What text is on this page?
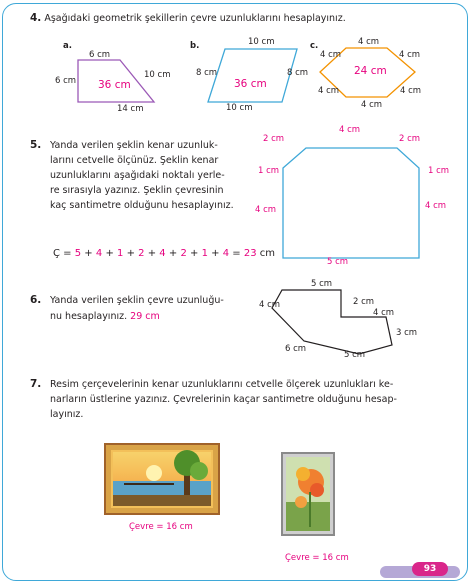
4. Aşağıdaki geometrik şekillerin çevre uzunluklarını hesaplayınız.
a.
6 cm
6 cm
10 cm
14 cm
36 cm
b.	10 cm
8 cm	8 cm
10 cm
36 cm
c.	4 cm
4 cm	4 cm
4 cm	4 cm
4 cm
24 cm
5. Yanda verilen şeklin kenar uzunluk-
larını cetvelle ölçünüz. Şeklin kenar
uzunluklarını aşağıdaki noktalı yerle-
re sırasıyla yazınız. Şeklin çevresinin
kaç santimetre olduğunu hesaplayınız.
4 cm
2 cm	2 cm
1 cm	1 cm
4 cm	4 cm
5 cm
Ç = 5 + 4 + 1 + 2 + 4 + 2 + 1 + 4 = 23 cm
6. Yanda verilen şeklin çevre uzunluğu-
nu hesaplayınız. 29 cm
5 cm
4 cm	2 cm
4 cm
3 cm
6 cm
5 cm
7. Resim çerçevelerinin kenar uzunluklarını cetvelle ölçerek uzunlukları ke-
narların üstlerine yazınız. Çevrelerinin kaçar santimetre olduğunu hesap-
layınız.
Çevre = 16 cm
Çevre = 16 cm
93
